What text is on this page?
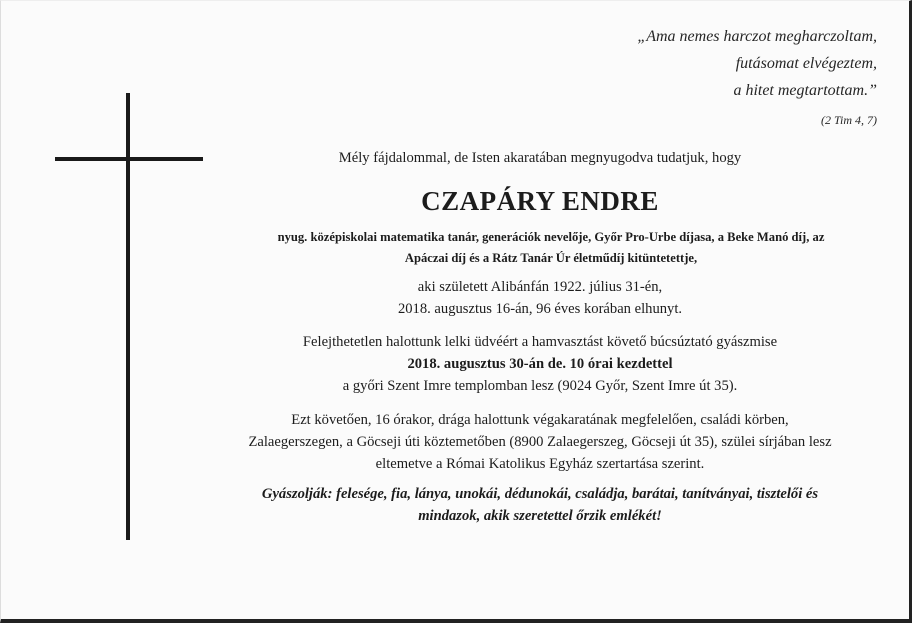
„Ama nemes harczot megharczoltam,
futásomat elvégeztem,
a hitet megtartottam.”
(2 Tim 4, 7)
Mély fájdalommal, de Isten akaratában megnyugodva tudatjuk, hogy
CZAPÁRY ENDRE
nyug. középiskolai matematika tanár, generációk nevelője, Győr Pro-Urbe díjasa, a Beke Manó díj, az
Apáczai díj és a Rátz Tanár Úr életműdíj kitüntetettje,
aki született Alibánfán 1922. július 31-én,
2018. augusztus 16-án, 96 éves korában elhunyt.
Felejthetetlen halottunk lelki üdvéért a hamvasztást követő búcsúztató gyászmise
2018. augusztus 30-án de. 10 órai kezdettel
a győri Szent Imre templomban lesz (9024 Győr, Szent Imre út 35).
Ezt követően, 16 órakor, drága halottunk végakaratának megfelelően, családi körben,
Zalaegerszegen, a Göcseji úti köztemetőben (8900 Zalaegerszeg, Göcseji út 35), szülei sírjában lesz
eltemetve a Római Katolikus Egyház szertartása szerint.
Gyászolják: felesége, fia, lánya, unokái, dédunokái, családja, barátai, tanítványai, tisztelői és
mindazok, akik szeretettel őrzik emlékét!
